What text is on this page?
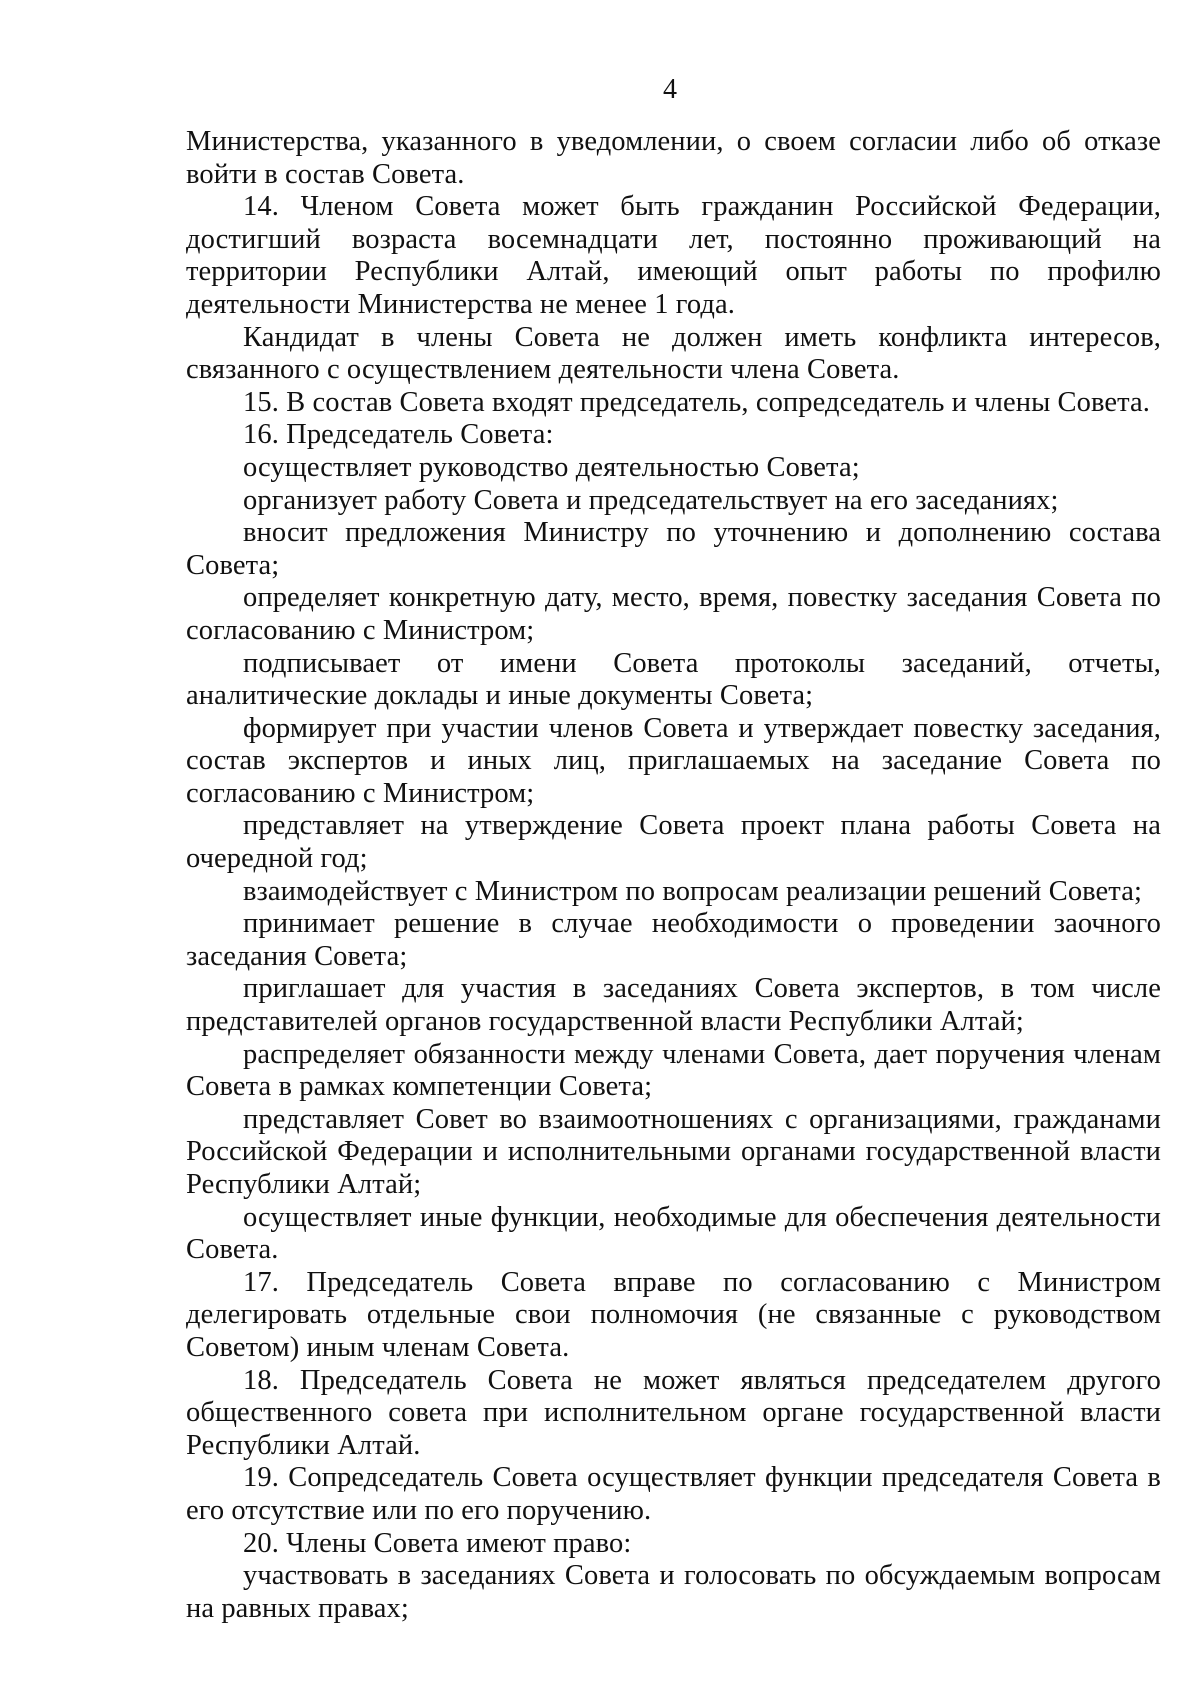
4

Министерства, указанного в уведомлении, о своем согласии либо об отказе войти в состав Совета.

14. Членом Совета может быть гражданин Российской Федерации, достигший возраста восемнадцати лет, постоянно проживающий на территории Республики Алтай, имеющий опыт работы по профилю деятельности Министерства не менее 1 года.

Кандидат в члены Совета не должен иметь конфликта интересов, связанного с осуществлением деятельности члена Совета.

15. В состав Совета входят председатель, сопредседатель и члены Совета.

16. Председатель Совета:

осуществляет руководство деятельностью Совета;

организует работу Совета и председательствует на его заседаниях;

вносит предложения Министру по уточнению и дополнению состава Совета;

определяет конкретную дату, место, время, повестку заседания Совета по согласованию с Министром;

подписывает от имени Совета протоколы заседаний, отчеты, аналитические доклады и иные документы Совета;

формирует при участии членов Совета и утверждает повестку заседания, состав экспертов и иных лиц, приглашаемых на заседание Совета по согласованию с Министром;

представляет на утверждение Совета проект плана работы Совета на очередной год;

взаимодействует с Министром по вопросам реализации решений Совета;

принимает решение в случае необходимости о проведении заочного заседания Совета;

приглашает для участия в заседаниях Совета экспертов, в том числе представителей органов государственной власти Республики Алтай;

распределяет обязанности между членами Совета, дает поручения членам Совета в рамках компетенции Совета;

представляет Совет во взаимоотношениях с организациями, гражданами Российской Федерации и исполнительными органами государственной власти Республики Алтай;

осуществляет иные функции, необходимые для обеспечения деятельности Совета.

17. Председатель Совета вправе по согласованию с Министром делегировать отдельные свои полномочия (не связанные с руководством Советом) иным членам Совета.

18. Председатель Совета не может являться председателем другого общественного совета при исполнительном органе государственной власти Республики Алтай.

19. Сопредседатель Совета осуществляет функции председателя Совета в его отсутствие или по его поручению.

20. Члены Совета имеют право:

участвовать в заседаниях Совета и голосовать по обсуждаемым вопросам на равных правах;
